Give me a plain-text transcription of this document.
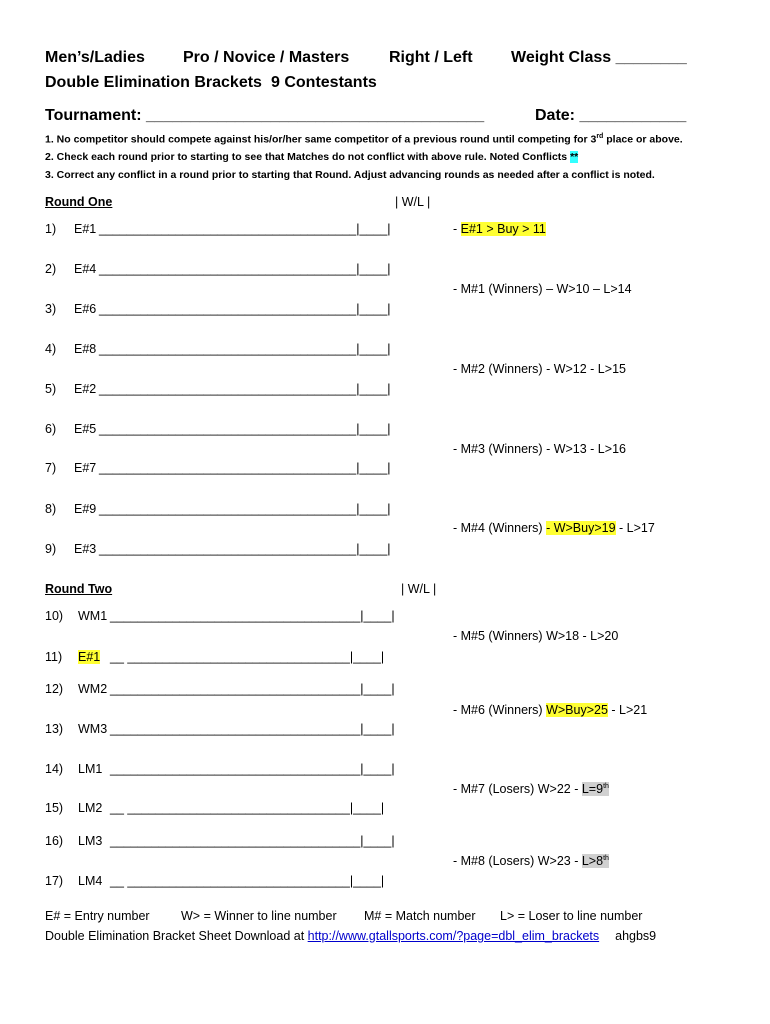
Men’s/Ladies Pro / Novice / Masters Right / Left Weight Class ________
Double Elimination Brackets 9 Contestants
Tournament: ______________________________________	Date: ____________
1. No competitor should compete against his/or/her same competitor of a previous round until competing for 3rd place or above.
2. Check each round prior to starting to see that Matches do not conflict with above rule. Noted Conflicts **
3. Correct any conflict in a round prior to starting that Round. Adjust advancing rounds as needed after a conflict is noted.
Round One	| W/L |
1) E#1 _____________________________________|____|
2) E#4 _____________________________________|____|
3) E#6 _____________________________________|____|
4) E#8 _____________________________________|____|
5) E#2 _____________________________________|____|
6) E#5 _____________________________________|____|
7) E#7 _____________________________________|____|
8) E#9 _____________________________________|____|
9) E#3 _____________________________________|____|
- E#1 > Buy > 11
- M#1 (Winners) – W>10 – L>14
- M#2 (Winners) - W>12 - L>15
- M#3 (Winners) - W>13 - L>16
- M#4 (Winners) - W>Buy>19 - L>17
Round Two	| W/L |
10) WM1 ____________________________________|____|
11) E#1 __ ________________________________|____|
12) WM2 ____________________________________|____|
13) WM3 ____________________________________|____|
14) LM1 ____________________________________|____|
15) LM2 __ ________________________________|____|
16) LM3 ____________________________________|____|
17) LM4 __ ________________________________|____|
- M#5 (Winners) W>18 - L>20
- M#6 (Winners) W>Buy>25 - L>21
- M#7 (Losers) W>22 - L=9th
- M#8 (Losers) W>23 - L>8th
E# = Entry number	W> = Winner to line number M# = Match number L> = Loser to line number
Double Elimination Bracket Sheet Download at http://www.gtallsports.com/?page=dbl_elim_brackets ahgbs9
